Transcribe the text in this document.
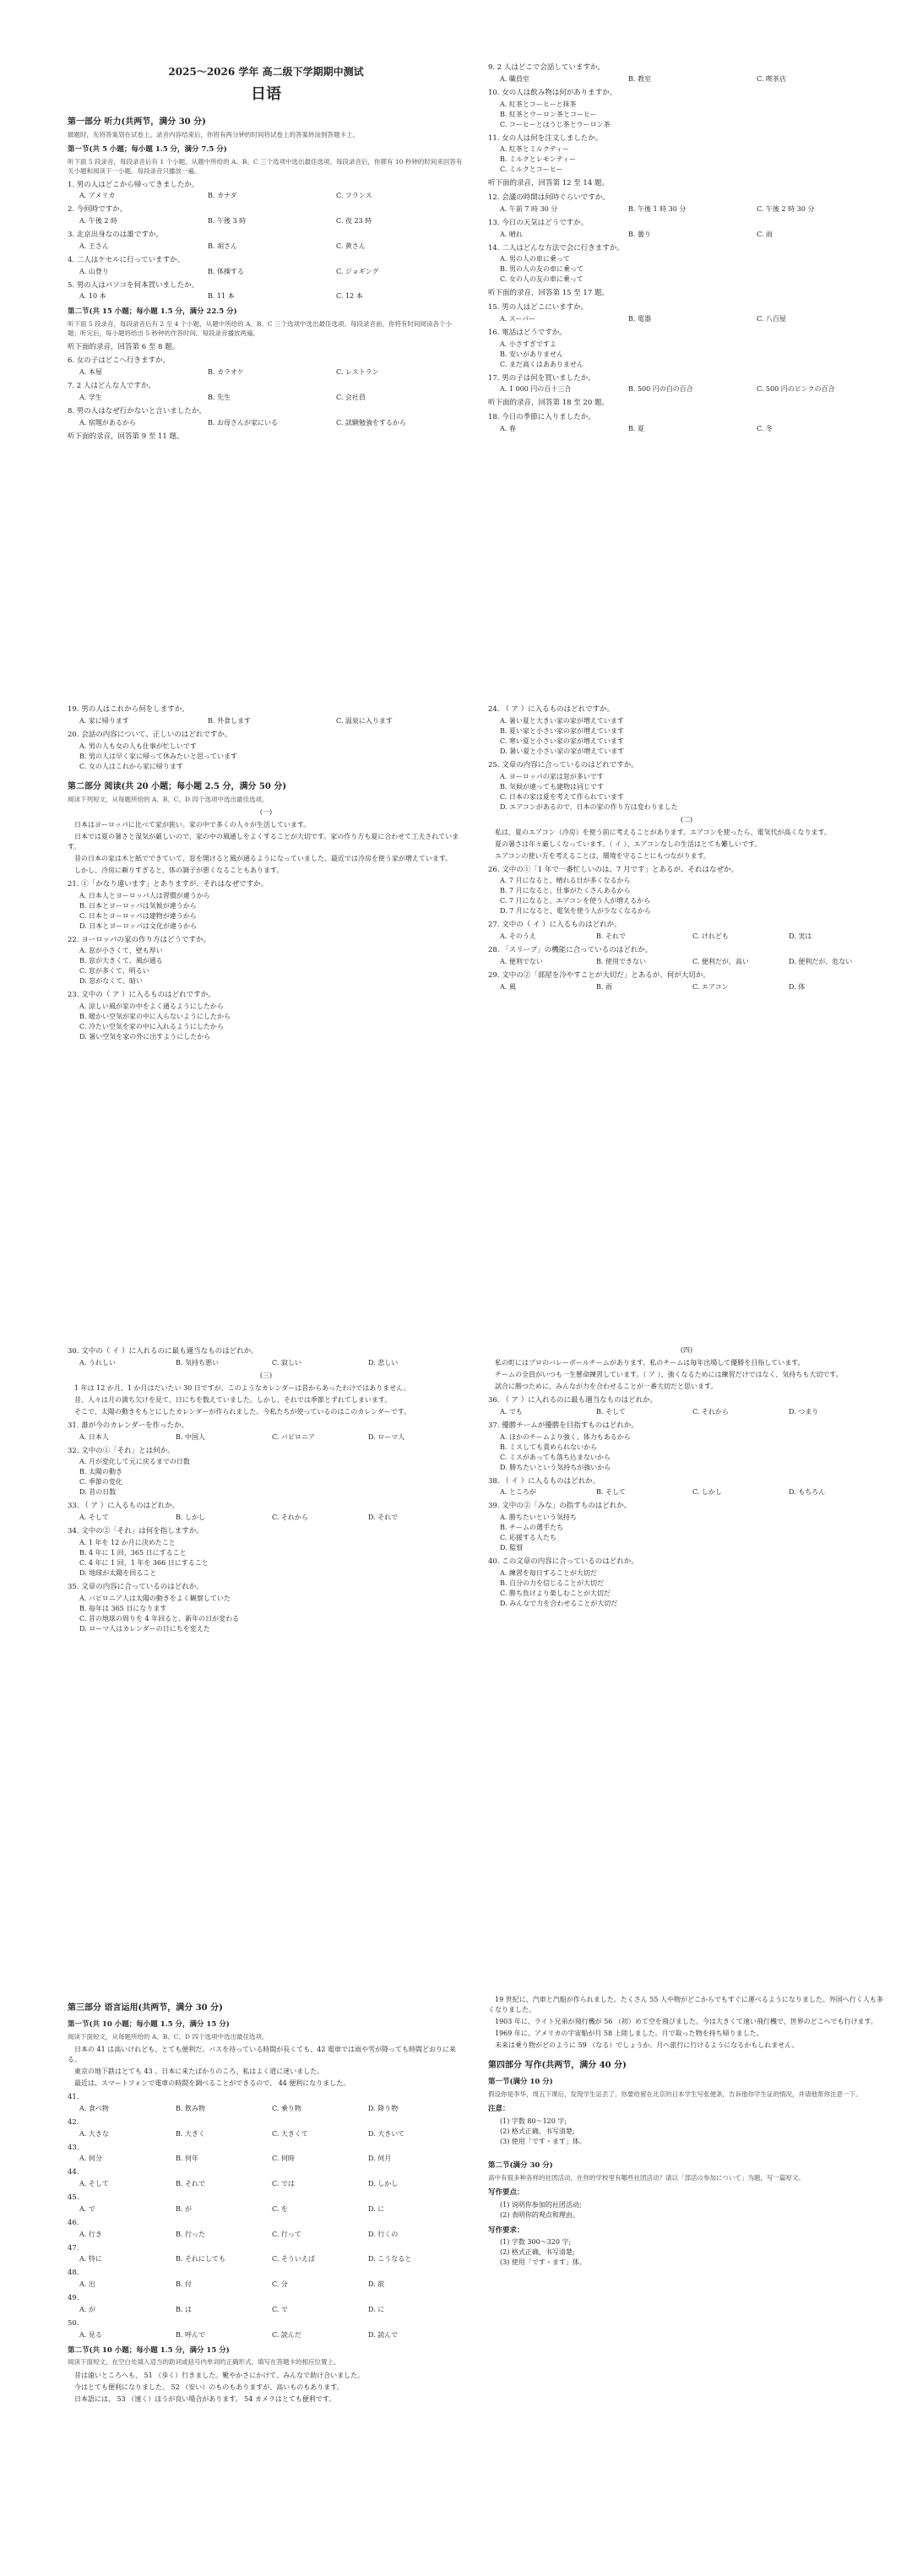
2025～2026 学年 高二级下学期期中测试
日语
第一部分 听力(共两节，满分 30 分)
做题时，先将答案划在试卷上。录音内容结束后，你将有两分钟的时间将试卷上的答案转涂到答题卡上。
第一节(共 5 小题；每小题 1.5 分，满分 7.5 分)
听下面 5 段录音，每段录音后有 1 个小题，从题中所给的 A、B、C 三个选项中选出最佳选项。每段录音后，你都有 10 秒钟的时间来回答有关小题和阅读下一小题。每段录音只播放一遍。
1. 男の人はどこから帰ってきましたか。
A. アメリカ	B. カナダ	C. フランス
2. 今何時ですか。
A. 午後 2 時	B. 午後 3 時	C. 夜 23 時
3. 北京出身なのは誰ですか。
A. 王さん	B. 胡さん	C. 黄さん
4. 二人はケセルに行っていますか。
A. 山登り	B. 体操する	C. ジョギング
5. 男の人はパソコを何本買いましたか。
A. 10 本	B. 11 本	C. 12 本
第二节(共 15 小题；每小题 1.5 分，满分 22.5 分)
听下面 5 段录音，每段录音后有 2 至 4 个小题，从题中所给的 A、B、C 三个选项中选出最佳选项。每段录音前，你将有时间阅读各个小题；听完后，每小题将给出 5 秒钟的作答时间。每段录音播放两遍。
听下面的录音，回答第 6 至 8 题。
6. 女の子はどこへ行きますか。
A. 本屋	B. カラオケ	C. レストラン
7. 2 人はどんな人ですか。
A. 学生	B. 先生	C. 会社員
8. 男の人はなぜ行かないと言いましたか。
A. 宿題があるから	B. お母さんが家にいる	C. 試験勉強をするから
听下面的录音，回答第 9 至 11 题。
9. 2 人はどこで会話していますか。
A. 職員室	B. 教室	C. 喫茶店
10. 女の人は飲み物は何がありますか。
A. 紅茶とコーヒーと抹茶
B. 紅茶とウーロン茶とコーヒー
C. コーヒーとほうじ茶とウーロン茶
11. 女の人は何を注文しましたか。
A. 紅茶とミルクティー
B. ミルクとレモンティー
C. ミルクとコーヒー
听下面的录音，回答第 12 至 14 题。
12. 会議の時間は何時ぐらいですか。
A. 午前 7 時 30 分	B. 午後 1 時 30 分	C. 午後 2 時 30 分
13. 今日の天気はどうですか。
A. 晴れ	B. 曇り	C. 雨
14. 二人はどんな方法で会に行きますか。
A. 男の人の車に乗って
B. 男の人の友の車に乗って
C. 女の人の友の車に乗って
听下面的录音，回答第 15 至 17 题。
15. 男の人はどこにいますか。
A. スーパー	B. 電器	C. 八百屋
16. 電話はどうですか。
A. 小さすぎですよ
B. 安いがありません
C. まだ高くはあありません
17. 男の子は何を買いましたか。
A. 1 000 円の百十三合	B. 500 円の白の百合	C. 500 円のピンクの百合
听下面的录音，回答第 18 至 20 题。
18. 今日の季節に入りましたか。
A. 春	B. 夏	C. 冬
19. 男の人はこれから何をしますか。
A. 家に帰ります	B. 外食します	C. 温泉に入ります
20. 会話の内容について、正しいのはどれですか。
A. 男の人も女の人も仕事が忙しいです
B. 男の人は早く家に帰って休みたいと思っています
C. 女の人はこれから家に帰ります
第二部分 阅读(共 20 小题；每小题 2.5 分，满分 50 分)
阅读下列短文，从每题所给的 A、B、C、D 四个选项中选出最佳选项。
(一)
日本はヨーロッパに比べて家が狭い。家の中で多くの人々が生活しています。
日本では夏の暑さと湿気が厳しいので、家の中の風通しをよくすることが大切です。家の作り方も夏に合わせて工夫されています。
昔の日本の家は木と紙でできていて、窓を開けると風が通るようになっていました。最近では冷房を使う家が増えています。
しかし、冷房に頼りすぎると、体の調子が悪くなることもあります。
21. ①「かなり違います」とありますが、それはなぜですか。
A. 日本人とヨーロッパ人は習慣が違うから
B. 日本とヨーロッパは気候が違うから
C. 日本とヨーロッパは建物が違うから
D. 日本とヨーロッパは文化が違うから
22. ヨーロッパの家の作り方はどうですか。
A. 窓が小さくて、壁も厚い
B. 窓が大きくて、風が通る
C. 窓が多くて、明るい
D. 窓がなくて、暗い
23. 文中の（ ア ）に入るものはどれですか。
A. 涼しい風が家の中をよく通るようにしたから
B. 暖かい空気が家の中に入らないようにしたから
C. 冷たい空気を家の中に入れるようにしたから
D. 暑い空気を家の外に出すようにしたから
24. （ ア ）に入るものはどれですか。
A. 暑い夏と大きい家の家が増えています
B. 夏い家と小さい家の家が増えています
C. 寒い夏と小さい家の家が増えています
D. 暑い夏と小さい家の家が増えています
25. 文章の内容に合っているのはどれですか。
A. ヨーロッパの家は窓が多いです
B. 気候が違っても建物は同じです
C. 日本の家は夏を考えて作られています
D. エアコンがあるので、日本の家の作り方は変わりました
(二)
私は、夏のエアコン（冷房）を使う前に考えることがあります。エアコンを使ったら、電気代が高くなります。
夏の暑さは年々厳しくなっています。（ イ ）、エアコンなしの生活はとても難しいです。
エアコンの使い方を考えることは、環境を守ることにもつながります。
26. 文中の①「1 年で一番忙しいのは、7 月です」とあるが、それはなぜか。
A. 7 月になると、晴れる日が多くなるから
B. 7 月になると、仕事がたくさんあるから
C. 7 月になると、エアコンを使う人が増えるから
D. 7 月になると、電気を使う人が少なくなるから
27. 文中の（ イ ）に入るものはどれか。
A. そのうえ	B. それで	C. けれども	D. 実は
28. 「スリープ」の機能に合っているのはどれか。
A. 便利でない	B. 使用できない	C. 便利だが、高い	D. 便利だが、危ない
29. 文中の②「部屋を冷やすことが大切だ」とあるが、何が大切か。
A. 風	B. 雨	C. エアコン	D. 体
30. 文中の（ イ ）に入れるのに最も適当なものはどれか。
A. うれしい	B. 気持ち悪い	C. 寂しい	D. 悲しい
(三)
1 年は 12 か月、1 か月はだいたい 30 日ですが、このようなカレンダーは昔からあったわけではありません。
昔、人々は月の満ち欠けを見て、日にちを数えていました。しかし、それでは季節とずれてしまいます。
そこで、太陽の動きをもとにしたカレンダーが作られました。今私たちが使っているのはこのカレンダーです。
31. 誰が今のカレンダーを作ったか。
A. 日本人	B. 中国人	C. バビロニア	D. ローマ人
32. 文中の①「それ」とは何か。
A. 月が変化して元に戻るまでの日数
B. 太陽の動き
C. 季節の変化
D. 昔の日数
33. （ ア ）に入るものはどれか。
A. そして	B. しかし	C. それから	D. それで
34. 文中の②「それ」は何を指しますか。
A. 1 年を 12 か月に決めたこと
B. 4 年に 1 回、365 日にすること
C. 4 年に 1 回、1 年を 366 日にすること
D. 地球が太陽を回ること
35. 文章の内容に合っているのはどれか。
A. バビロニア人は太陽の動きをよく観察していた
B. 毎年は 365 日になります
C. 昔の地球の周りを 4 年回ると、新年の日が変わる
D. ローマ人はカレンダーの日にちを変えた
(四)
私の町にはプロのバレーボールチームがあります。私のチームは毎年出場して優勝を目指しています。
チームの全員がいつも一生懸命練習しています。（ ア ）、強くなるためには練習だけではなく、気持ちも大切です。
試合に勝つために、みんなが力を合わせることが一番大切だと思います。
36. （ ア ）に入れるのに最も適当なものはどれか。
A. でも	B. そして	C. それから	D. つまり
37. 優勝チームが優勝を目指すものはどれか。
A. ほかのチームより強く、体力もあるから
B. ミスしても責められないから
C. ミスがあっても落ち込まないから
D. 勝ちたいという気持ちが強いから
38. （ イ ）に入るものはどれか。
A. ところが	B. そして	C. しかし	D. もちろん
39. 文中の②「みな」の指すものはどれか。
A. 勝ちたいという気持ち
B. チームの選手たち
C. 応援する人たち
D. 監督
40. この文章の内容に合っているのはどれか。
A. 練習を毎日することが大切だ
B. 自分の力を信じることが大切だ
C. 勝ち負けより楽しむことが大切だ
D. みんなで力を合わせることが大切だ
第三部分 语言运用(共两节，满分 30 分)
第一节(共 10 小题；每小题 1.5 分，满分 15 分)
阅读下面短文，从每题所给的 A、B、C、D 四个选项中选出最佳选项。
日本の 41 は高いけれども、とても便利だ。バスを待っている時間が長くても、42 電車では雨や雪が降っても時間どおりに来る。
東京の地下鉄はとても 43 。日本に来たばかりのころ、私はよく道に迷いました。
最近は、スマートフォンで電車の時間を調べることができるので、 44 便利になりました。
41.
A. 食べ物	B. 飲み物	C. 乗り物	D. 降り物
42.
A. 大きな	B. 大きく	C. 大きくて	D. 大きいて
43.
A. 何分	B. 何年	C. 何時	D. 何月
44.
A. そして	B. それで	C. では	D. しかし
45.
A. で	B. が	C. を	D. に
46.
A. 行き	B. 行った	C. 行って	D. 行くの
47.
A. 特に	B. それにしても	C. そういえば	D. こうなると
48.
A. 出	B. 付	C. 分	D. 欲
49.
A. が	B. は	C. で	D. に
50.
A. 見る	B. 呼んで	C. 読んだ	D. 読んで
第二节(共 10 小题；每小题 1.5 分，满分 15 分)
阅读下面短文，在空白处填入适当的助词或括号内单词的正确形式，填写在答题卡的相应位置上。
昔は遠いところへも、 51 （歩く）行きました。靴やかさにかけて、みんなで助け合いました。
今はとても便利になりました。 52 （安い）のものもありますが、高いものもあります。
日本語には、 53 （速く）ほうが良い場合があります。 54 カメラはとても便利です。
19 世紀に、汽車と汽船が作られました。たくさん 55 人や物がどこからでもすぐに運べるようになりました。外国へ行く人も多くなりました。
1903 年に、ライト兄弟が飛行機が 56 （初）めて空を飛びました。今は大きくて速い飛行機で、世界のどこへでも行けます。
1969 年に、アメリカの宇宙船が月 58 上陸しました。月で取った物を持ち帰りました。
未来は乗り物がどのように 59 （なる）でしょうか。月へ旅行に行けるようになるかもしれません。
第四部分 写作(共两节，满分 40 分)
第一节(满分 10 分)
假设你是李华，周五下课后，发现学生证丢了。你要给留在北京的日本学生写张便条，告诉他你学生证的情况，并请他帮你注意一下。
注意：
(1) 字数 80～120 字;
(2) 格式正确，书写清楚;
(3) 使用「です・ます」体。
第二节(满分 30 分)
高中有很多种各样的社团活动，在你的学校里有哪些社团活动？请以「部活の参加について」为题，写一篇短文。
写作要点：
(1) 说明你参加的社团活动;
(2) 表明你的观点和理由。
写作要求：
(1) 字数 300～320 字;
(2) 格式正确，书写清楚;
(3) 使用「です・ます」体。
